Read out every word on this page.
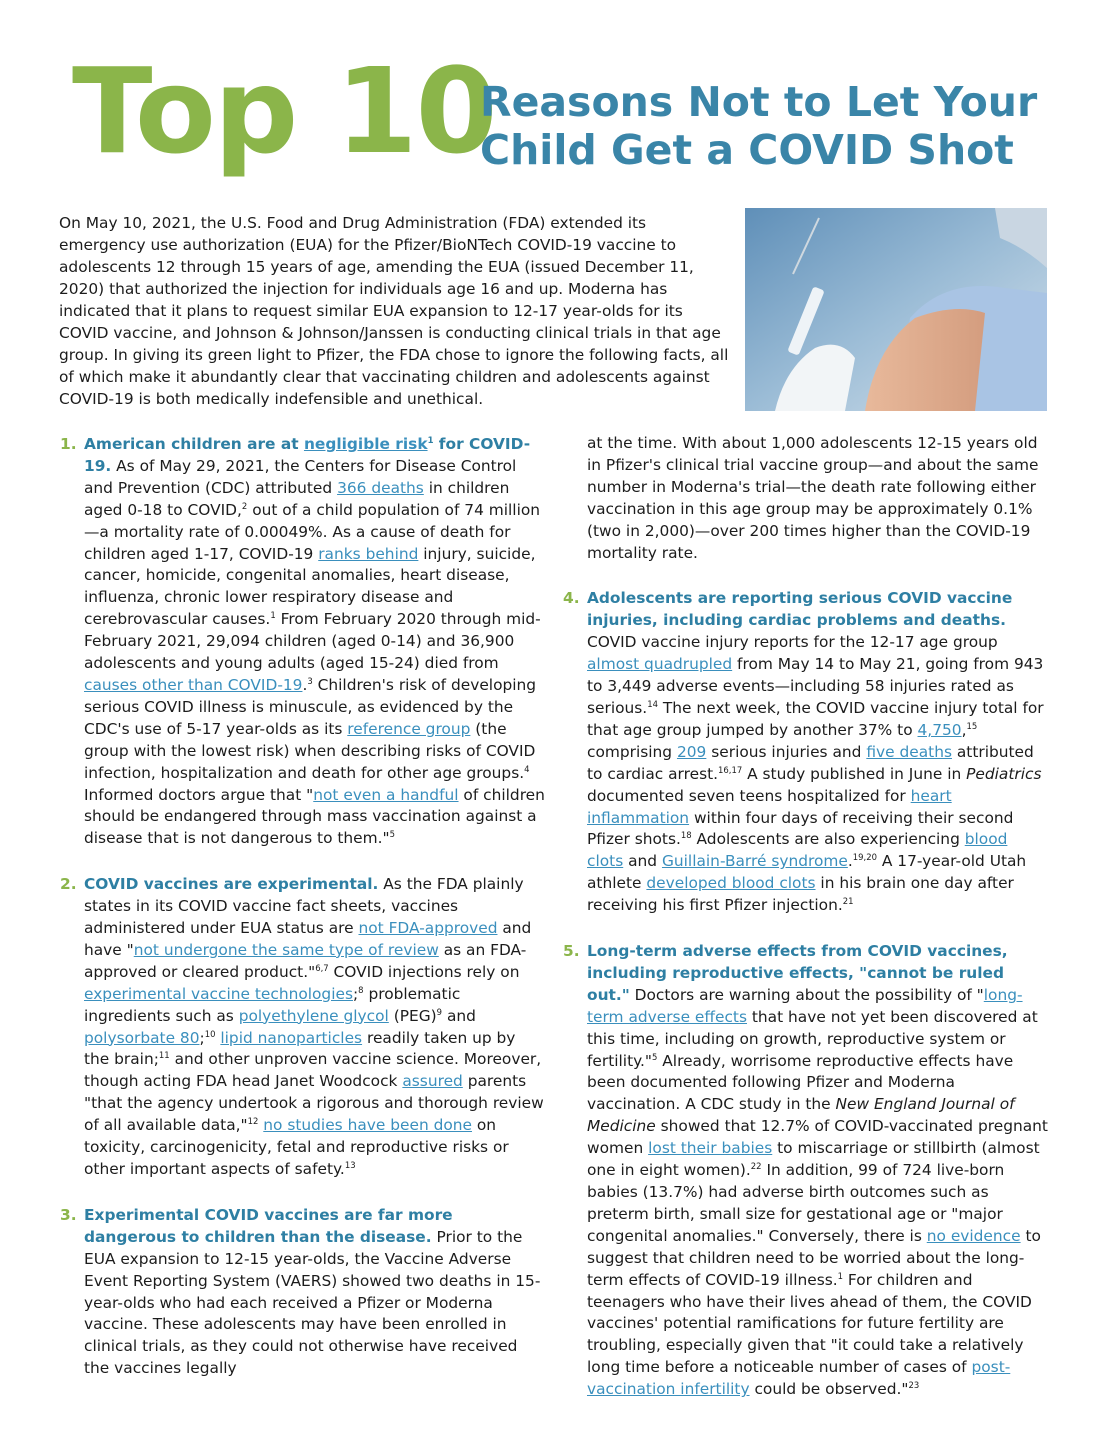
Top 10
Reasons Not to Let Your
Child Get a COVID Shot

On May 10, 2021, the U.S. Food and Drug Administration (FDA) extended its emergency use authorization (EUA) for the Pfizer/BioNTech COVID-19 vaccine to adolescents 12 through 15 years of age, amending the EUA (issued December 11, 2020) that authorized the injection for individuals age 16 and up. Moderna has indicated that it plans to request similar EUA expansion to 12-17 year-olds for its COVID vaccine, and Johnson & Johnson/Janssen is conducting clinical trials in that age group. In giving its green light to Pfizer, the FDA chose to ignore the following facts, all of which make it abundantly clear that vaccinating children and adolescents against COVID-19 is both medically indefensible and unethical.

1. American children are at negligible risk$^1$ for COVID-19. As of May 29, 2021, the Centers for Disease Control and Prevention (CDC) attributed 366 deaths in children aged 0-18 to COVID,$^2$ out of a child population of 74 million—a mortality rate of 0.00049%. As a cause of death for children aged 1-17, COVID-19 ranks behind injury, suicide, cancer, homicide, congenital anomalies, heart disease, influenza, chronic lower respiratory disease and cerebrovascular causes.$^1$ From February 2020 through mid-February 2021, 29,094 children (aged 0-14) and 36,900 adolescents and young adults (aged 15-24) died from causes other than COVID-19.$^3$ Children's risk of developing serious COVID illness is minuscule, as evidenced by the CDC's use of 5-17 year-olds as its reference group (the group with the lowest risk) when describing risks of COVID infection, hospitalization and death for other age groups.$^4$ Informed doctors argue that "not even a handful of children should be endangered through mass vaccination against a disease that is not dangerous to them."$^5$
2. COVID vaccines are experimental. As the FDA plainly states in its COVID vaccine fact sheets, vaccines administered under EUA status are not FDA-approved and have "not undergone the same type of review as an FDA-approved or cleared product."$^{6,7}$ COVID injections rely on experimental vaccine technologies;$^8$ problematic ingredients such as polyethylene glycol (PEG)$^9$ and polysorbate 80;$^{10}$ lipid nanoparticles readily taken up by the brain;$^{11}$ and other unproven vaccine science. Moreover, though acting FDA head Janet Woodcock assured parents "that the agency undertook a rigorous and thorough review of all available data,"$^{12}$ no studies have been done on toxicity, carcinogenicity, fetal and reproductive risks or other important aspects of safety.$^{13}$
3. Experimental COVID vaccines are far more dangerous to children than the disease. Prior to the EUA expansion to 12-15 year-olds, the Vaccine Adverse Event Reporting System (VAERS) showed two deaths in 15-year-olds who had each received a Pfizer or Moderna vaccine. These adolescents may have been enrolled in clinical trials, as they could not otherwise have received the vaccines legally
at the time. With about 1,000 adolescents 12-15 years old in Pfizer's clinical trial vaccine group—and about the same number in Moderna's trial—the death rate following either vaccination in this age group may be approximately 0.1% (two in 2,000)—over 200 times higher than the COVID-19 mortality rate.
4. Adolescents are reporting serious COVID vaccine injuries, including cardiac problems and deaths. COVID vaccine injury reports for the 12-17 age group almost quadrupled from May 14 to May 21, going from 943 to 3,449 adverse events—including 58 injuries rated as serious.$^{14}$ The next week, the COVID vaccine injury total for that age group jumped by another 37% to 4,750,15 comprising 209 serious injuries and five deaths attributed to cardiac arrest.$^{16,17}$ A study published in June in Pediatrics documented seven teens hospitalized for heart inflammation within four days of receiving their second Pfizer shots.$^{18}$ Adolescents are also experiencing blood clots and Guillain-Barré syndrome.$^{19,20}$ A 17-year-old Utah athlete developed blood clots in his brain one day after receiving his first Pfizer injection.$^{21}$
5. Long-term adverse effects from COVID vaccines, including reproductive effects, "cannot be ruled out." Doctors are warning about the possibility of "long-term adverse effects that have not yet been discovered at this time, including on growth, reproductive system or fertility."$^5$ Already, worrisome reproductive effects have been documented following Pfizer and Moderna vaccination. A CDC study in the New England Journal of Medicine showed that 12.7% of COVID-vaccinated pregnant women lost their babies to miscarriage or stillbirth (almost one in eight women).$^{22}$ In addition, 99 of 724 live-born babies (13.7%) had adverse birth outcomes such as preterm birth, small size for gestational age or "major congenital anomalies." Conversely, there is no evidence to suggest that children need to be worried about the long-term effects of COVID-19 illness.$^1$ For children and teenagers who have their lives ahead of them, the COVID vaccines' potential ramifications for future fertility are troubling, especially given that "it could take a relatively long time before a noticeable number of cases of post-vaccination infertility could be observed."$^{23}$
